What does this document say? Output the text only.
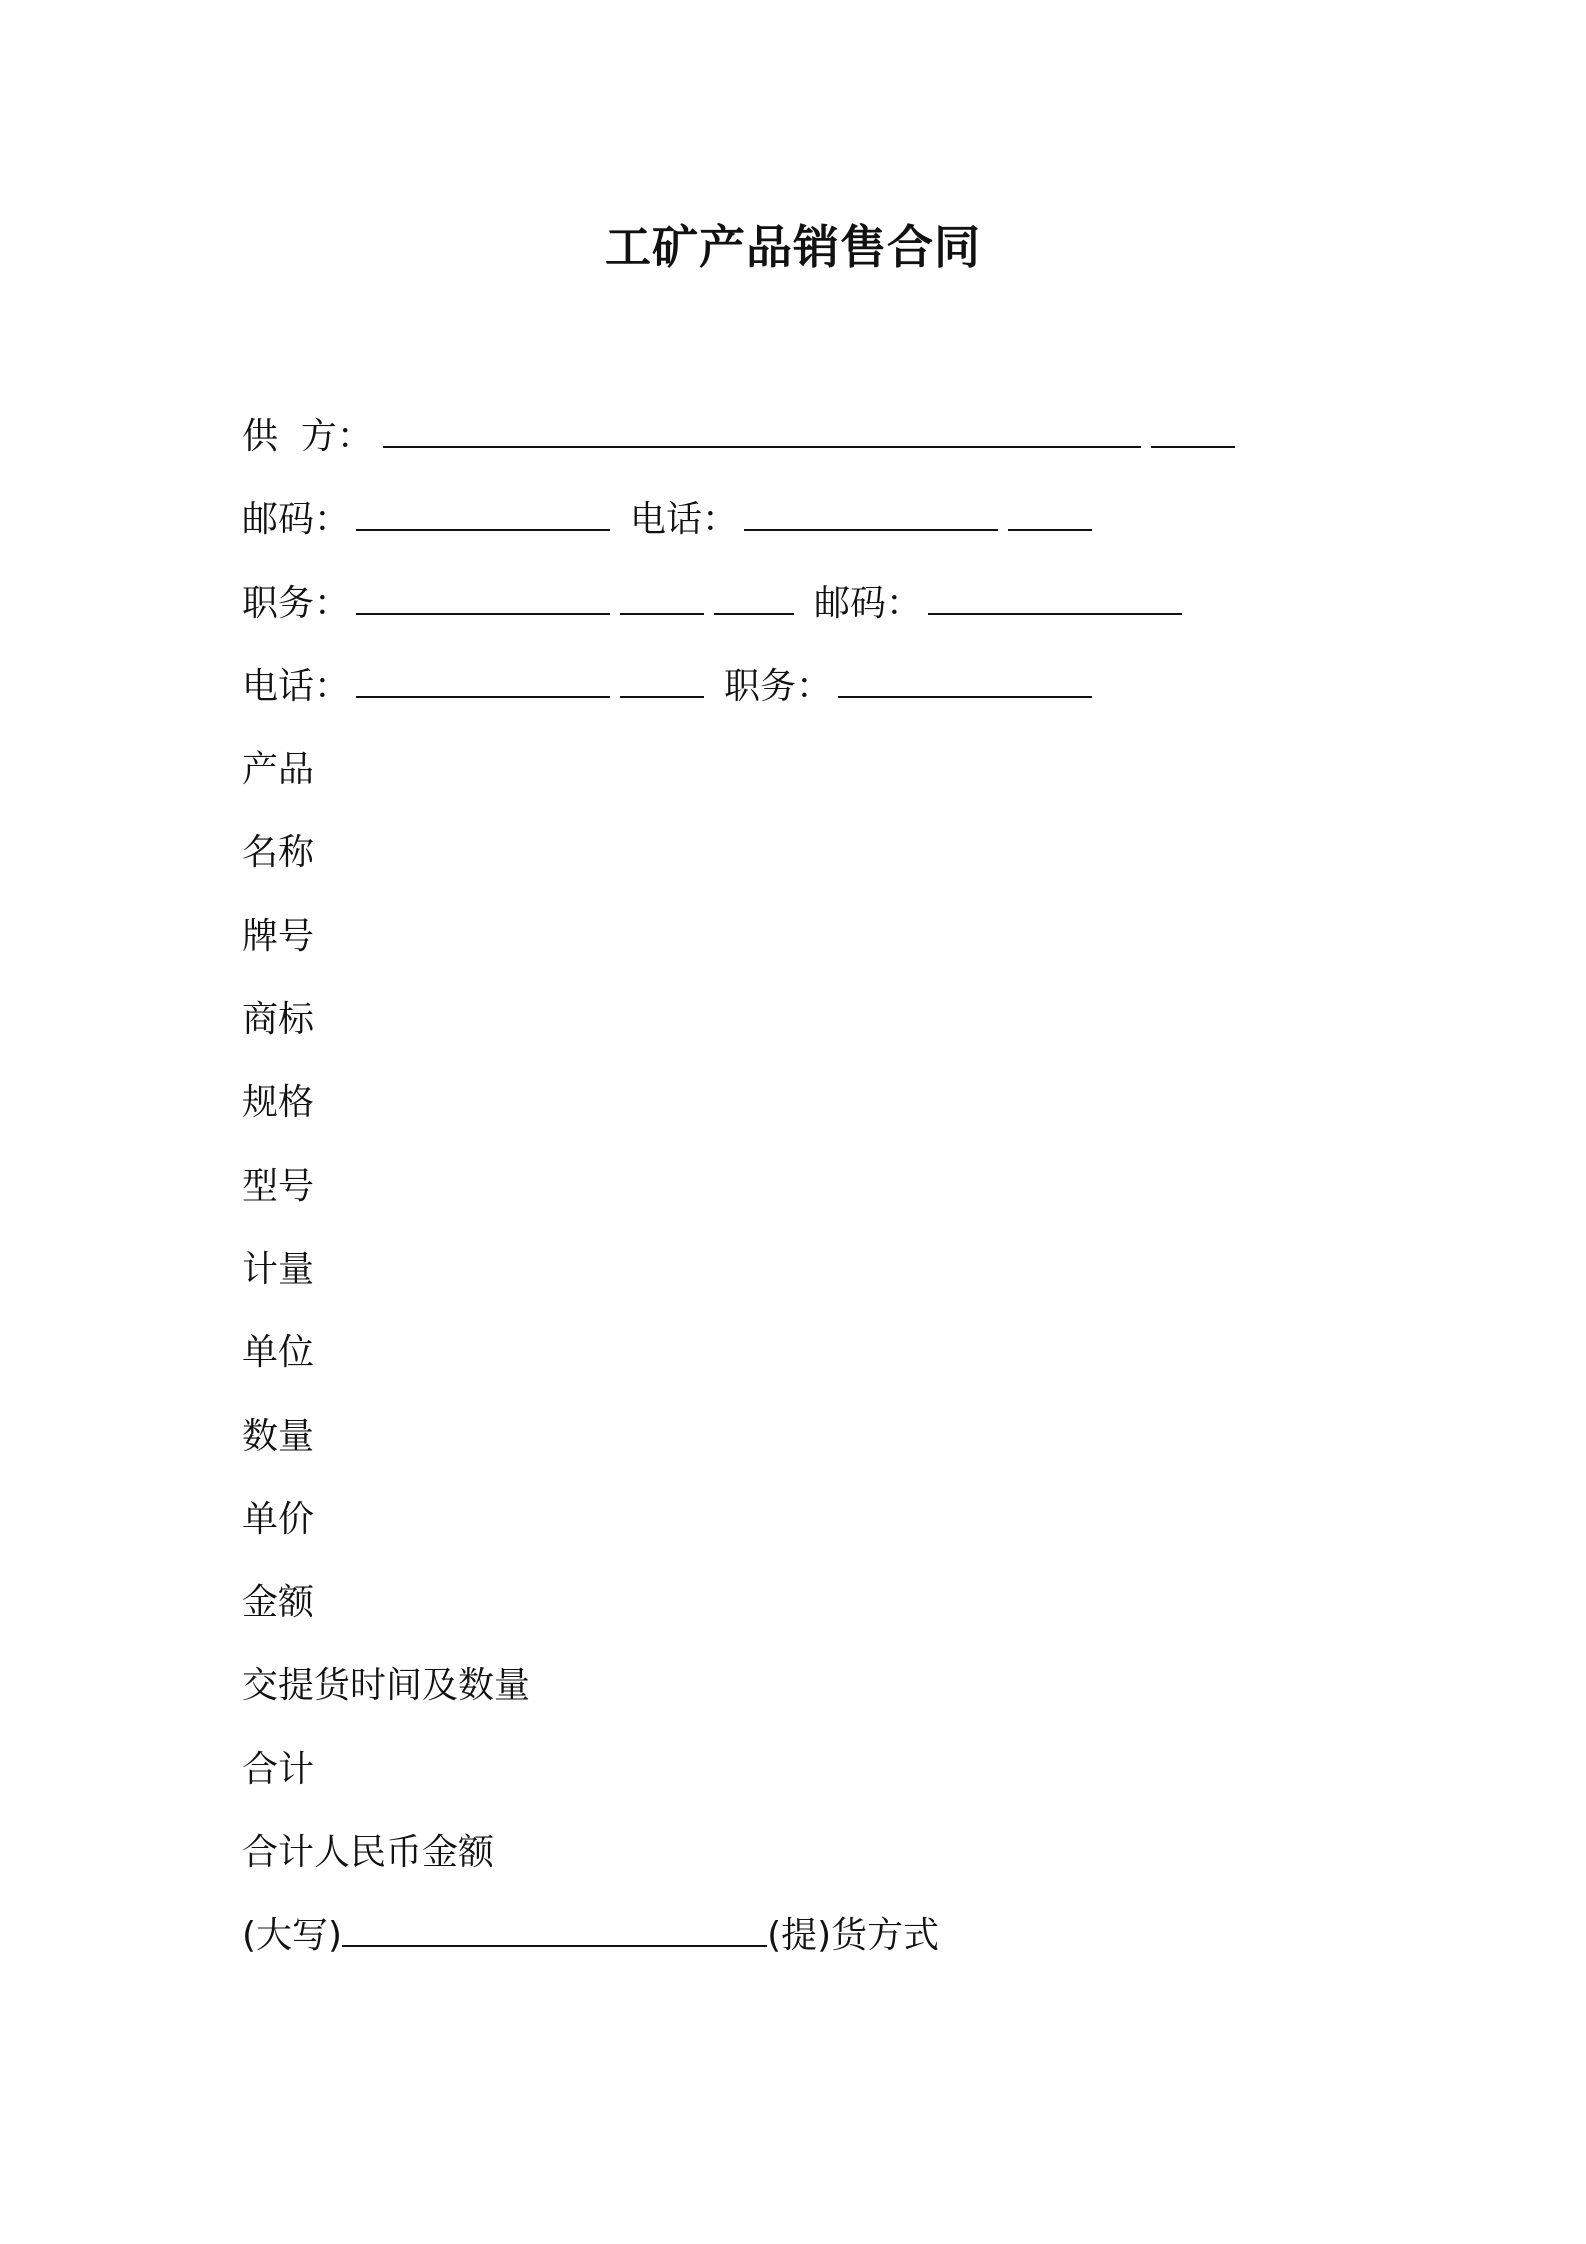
工矿产品销售合同
供  方：
邮码：	电话：
职务：	邮码：
电话：	职务：
产品
名称
牌号
商标
规格
型号
计量
单位
数量
单价
金额
交提货时间及数量
合计
合计人民币金额
(大写)	(提)货方式
